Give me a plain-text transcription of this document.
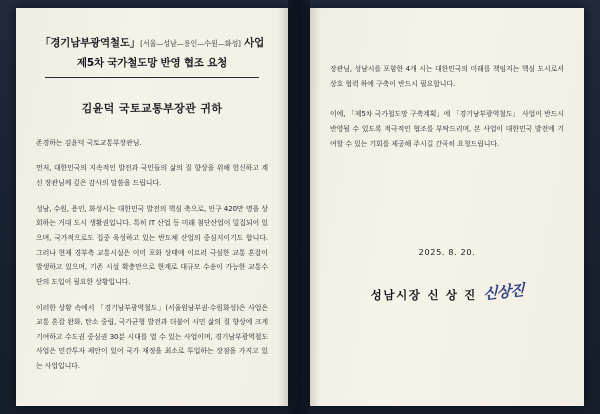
「경기남부광역철도」[서울—성남—용인—수원—화성] 사업
제5차 국가철도망 반영 협조 요청
김윤덕 국토교통부장관 귀하
존경하는 김윤덕 국토교통부장관님.
먼저, 대한민국의 지속적인 발전과 국민들의 삶의 질 향상을 위해 헌신하고 계신 장관님께 깊은 감사의 말씀을 드립니다.
성남, 수원, 용인, 화성시는 대한민국 발전의 핵심 축으로, 인구 420만 명을 상회하는 거대 도시 생활권입니다. 특히 IT 산업 등 미래 첨단산업이 밀집되어 있으며, 국가적으로도 집중 육성하고 있는 반도체 산업의 중심지이기도 합니다. 그러나 현재 경부축 교통시설은 이미 포화 상태에 이르러 극심한 교통 혼잡이 발생하고 있으며, 기존 시설 확충만으로 한계로 대규모 수송이 가능한 교통수단의 도입이 필요한 상황입니다.
이러한 상황 속에서 「경기남부광역철도」(서울원남부권·수원화성)은 사업은 교통 혼잡 완화, 탄소 중립, 국가균형 발전과 더불어 시민 삶의 질 향상에 크게 기여하고 수도권 중심권 30분 시대를 열 수 있는 사업이며, 경기남부광역철도 사업은 민간투자 제안이 있어 국가 재정을 최소로 투입하는 장점을 가지고 있는 사업입니다.
장관님, 성남시를 포함한 4개 시는 대한민국의 미래를 책임지는 핵심 도시로서 상호 협력 하에 구축이 반드시 필요합니다.
이에, 「제5차 국가철도망 구축계획」에 「경기남부광역철도」 사업이 반드시 반영될 수 있도록 적극적인 협조를 부탁드리며, 본 사업이 대한민국 발전에 기여할 수 있는 기회를 제공해 주시길 간곡히 요청드립니다.
2025. 8. 20.
성남시장 신 상 진 신상진
